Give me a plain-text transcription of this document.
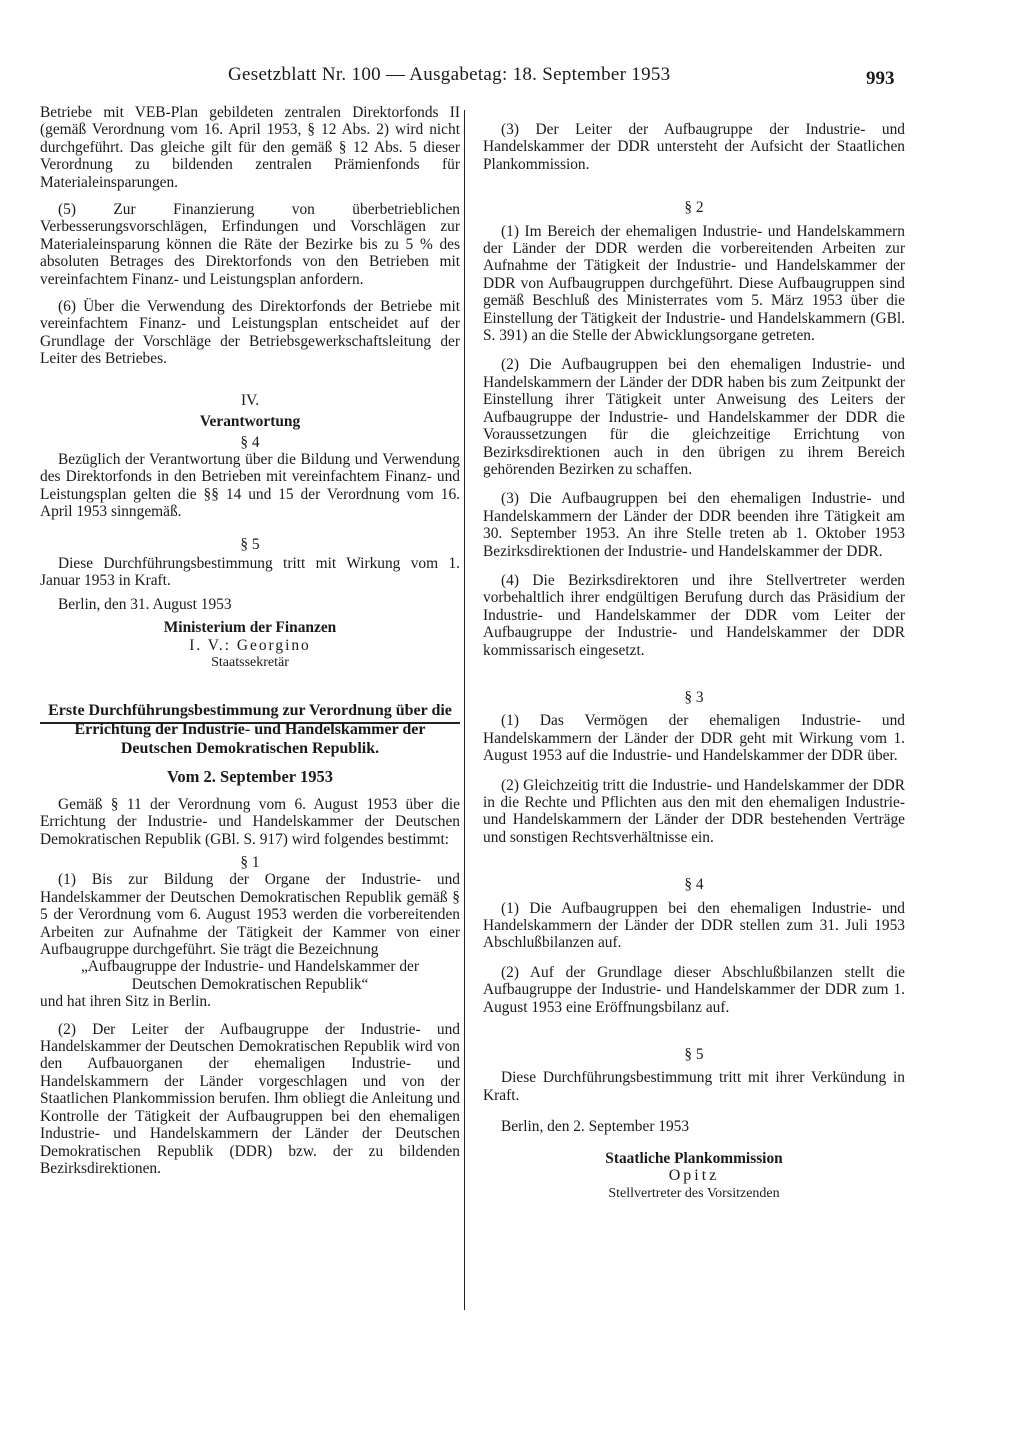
Gesetzblatt Nr. 100 — Ausgabetag: 18. September 1953	993

Betriebe mit VEB-Plan gebildeten zentralen Direktorfonds II (gemäß Verordnung vom 16. April 1953, § 12 Abs. 2) wird nicht durchgeführt. Das gleiche gilt für den gemäß § 12 Abs. 5 dieser Verordnung zu bildenden zentralen Prämienfonds für Materialeinsparungen.

(5) Zur Finanzierung von überbetrieblichen Verbesserungsvorschlägen, Erfindungen und Vorschlägen zur Materialeinsparung können die Räte der Bezirke bis zu 5 % des absoluten Betrages des Direktorfonds von den Betrieben mit vereinfachtem Finanz- und Leistungsplan anfordern.

(6) Über die Verwendung des Direktorfonds der Betriebe mit vereinfachtem Finanz- und Leistungsplan entscheidet auf der Grundlage der Vorschläge der Betriebsgewerkschaftsleitung der Leiter des Betriebes.

IV.

Verantwortung

§ 4

Bezüglich der Verantwortung über die Bildung und Verwendung des Direktorfonds in den Betrieben mit vereinfachtem Finanz- und Leistungsplan gelten die §§ 14 und 15 der Verordnung vom 16. April 1953 sinngemäß.

§ 5

Diese Durchführungsbestimmung tritt mit Wirkung vom 1. Januar 1953 in Kraft.

Berlin, den 31. August 1953

Ministerium der Finanzen

I. V.: Georgino

Staatssekretär

Erste Durchführungsbestimmung zur Verordnung über die Errichtung der Industrie- und Handelskammer der Deutschen Demokratischen Republik.

Vom 2. September 1953

Gemäß § 11 der Verordnung vom 6. August 1953 über die Errichtung der Industrie- und Handelskammer der Deutschen Demokratischen Republik (GBl. S. 917) wird folgendes bestimmt:

§ 1

(1) Bis zur Bildung der Organe der Industrie- und Handelskammer der Deutschen Demokratischen Republik gemäß § 5 der Verordnung vom 6. August 1953 werden die vorbereitenden Arbeiten zur Aufnahme der Tätigkeit der Kammer von einer Aufbaugruppe durchgeführt. Sie trägt die Bezeichnung

„Aufbaugruppe der Industrie- und Handelskammer der Deutschen Demokratischen Republik“

und hat ihren Sitz in Berlin.

(2) Der Leiter der Aufbaugruppe der Industrie- und Handelskammer der Deutschen Demokratischen Republik wird von den Aufbauorganen der ehemaligen Industrie- und Handelskammern der Länder vorgeschlagen und von der Staatlichen Plankommission berufen. Ihm obliegt die Anleitung und Kontrolle der Tätigkeit der Aufbaugruppen bei den ehemaligen Industrie- und Handelskammern der Länder der Deutschen Demokratischen Republik (DDR) bzw. der zu bildenden Bezirksdirektionen.

(3) Der Leiter der Aufbaugruppe der Industrie- und Handelskammer der DDR untersteht der Aufsicht der Staatlichen Plankommission.

§ 2

(1) Im Bereich der ehemaligen Industrie- und Handelskammern der Länder der DDR werden die vorbereitenden Arbeiten zur Aufnahme der Tätigkeit der Industrie- und Handelskammer der DDR von Aufbaugruppen durchgeführt. Diese Aufbaugruppen sind gemäß Beschluß des Ministerrates vom 5. März 1953 über die Einstellung der Tätigkeit der Industrie- und Handelskammern (GBl. S. 391) an die Stelle der Abwicklungsorgane getreten.

(2) Die Aufbaugruppen bei den ehemaligen Industrie- und Handelskammern der Länder der DDR haben bis zum Zeitpunkt der Einstellung ihrer Tätigkeit unter Anweisung des Leiters der Aufbaugruppe der Industrie- und Handelskammer der DDR die Voraussetzungen für die gleichzeitige Errichtung von Bezirksdirektionen auch in den übrigen zu ihrem Bereich gehörenden Bezirken zu schaffen.

(3) Die Aufbaugruppen bei den ehemaligen Industrie- und Handelskammern der Länder der DDR beenden ihre Tätigkeit am 30. September 1953. An ihre Stelle treten ab 1. Oktober 1953 Bezirksdirektionen der Industrie- und Handelskammer der DDR.

(4) Die Bezirksdirektoren und ihre Stellvertreter werden vorbehaltlich ihrer endgültigen Berufung durch das Präsidium der Industrie- und Handelskammer der DDR vom Leiter der Aufbaugruppe der Industrie- und Handelskammer der DDR kommissarisch eingesetzt.

§ 3

(1) Das Vermögen der ehemaligen Industrie- und Handelskammern der Länder der DDR geht mit Wirkung vom 1. August 1953 auf die Industrie- und Handelskammer der DDR über.

(2) Gleichzeitig tritt die Industrie- und Handelskammer der DDR in die Rechte und Pflichten aus den mit den ehemaligen Industrie- und Handelskammern der Länder der DDR bestehenden Verträge und sonstigen Rechtsverhältnisse ein.

§ 4

(1) Die Aufbaugruppen bei den ehemaligen Industrie- und Handelskammern der Länder der DDR stellen zum 31. Juli 1953 Abschlußbilanzen auf.

(2) Auf der Grundlage dieser Abschlußbilanzen stellt die Aufbaugruppe der Industrie- und Handelskammer der DDR zum 1. August 1953 eine Eröffnungsbilanz auf.

§ 5

Diese Durchführungsbestimmung tritt mit ihrer Verkündung in Kraft.

Berlin, den 2. September 1953

Staatliche Plankommission

Opitz

Stellvertreter des Vorsitzenden
